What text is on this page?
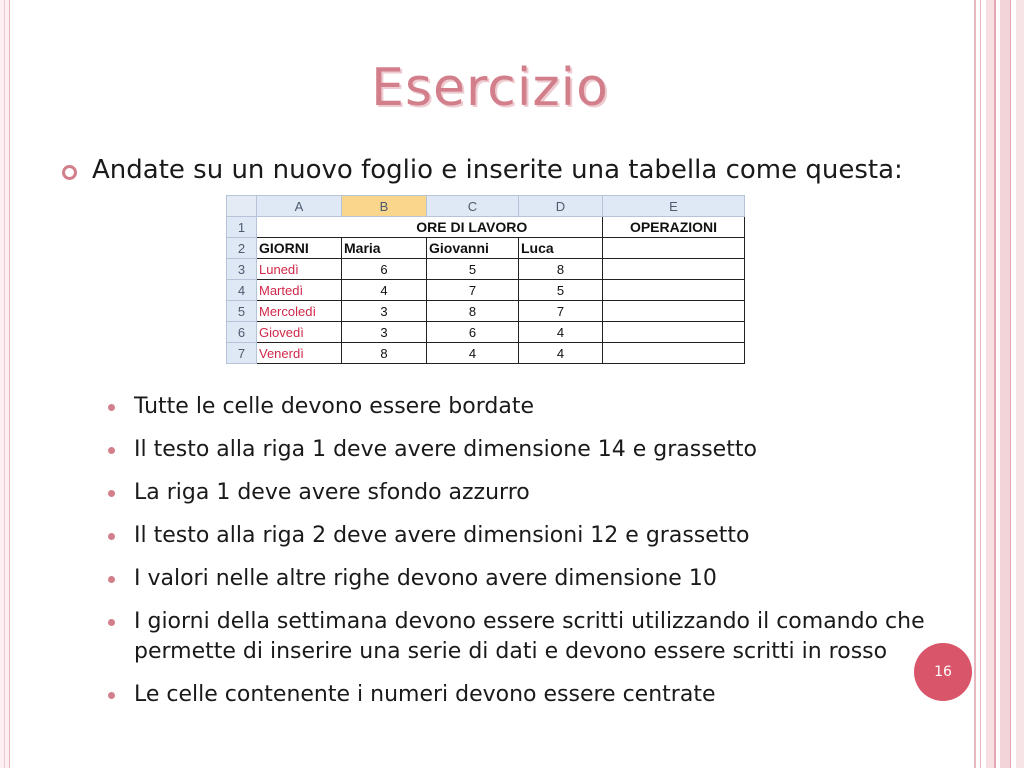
Esercizio
Andate su un nuovo foglio e inserite una tabella come questa:
	A	B	C	D	E
1		ORE DI LAVORO			OPERAZIONI
2	GIORNI	Maria	Giovanni	Luca	
3	Lunedì	6	5	8	
4	Martedì	4	7	5	
5	Mercoledì	3	8	7	
6	Giovedì	3	6	4	
7	Venerdì	8	4	4	
Tutte le celle devono essere bordate
Il testo alla riga 1 deve avere dimensione 14 e grassetto
La riga 1 deve avere sfondo azzurro
Il testo alla riga 2 deve avere dimensioni 12 e grassetto
I valori nelle altre righe devono avere dimensione 10
I giorni della settimana devono essere scritti utilizzando il comando che permette di inserire una serie di dati e devono essere scritti in rosso
Le celle contenente i numeri devono essere centrate
16
